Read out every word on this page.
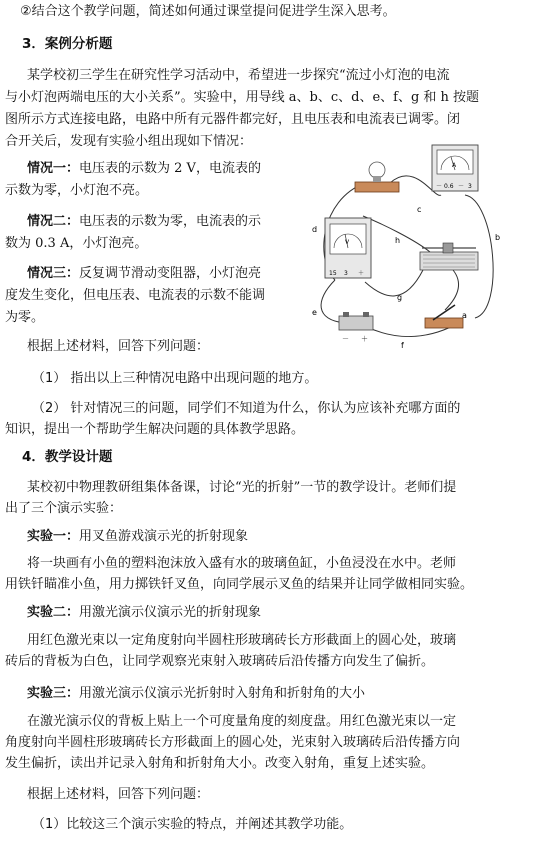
②结合这个教学问题，简述如何通过课堂提问促进学生深入思考。
3．案例分析题
某学校初三学生在研究性学习活动中，希望进一步探究“流过小灯泡的电流
与小灯泡两端电压的大小关系”。实验中，用导线 a、b、c、d、e、f、g 和 h 按题
图所示方式连接电路，电路中所有元器件都完好，且电压表和电流表已调零。闭
合开关后，发现有实验小组出现如下情况：
情况一：电压表的示数为 2 V，电流表的
示数为零，小灯泡不亮。
情况二：电压表的示数为零，电流表的示
数为 0.3 A，小灯泡亮。
情况三：反复调节滑动变阻器，小灯泡亮
度发生变化，但电压表、电流表的示数不能调
为零。
A
－ 0.6 － 3
V
15 3 ＋
－ ＋
a
b
c
d
e
f
g
h
根据上述材料，回答下列问题：
（1） 指出以上三种情况电路中出现问题的地方。
（2） 针对情况三的问题，同学们不知道为什么，你认为应该补充哪方面的
知识，提出一个帮助学生解决问题的具体教学思路。
4．教学设计题
某校初中物理教研组集体备课，讨论“光的折射”一节的教学设计。老师们提
出了三个演示实验：
实验一：用叉鱼游戏演示光的折射现象
将一块画有小鱼的塑料泡沫放入盛有水的玻璃鱼缸，小鱼浸没在水中。老师
用铁钎瞄准小鱼，用力掷铁钎叉鱼，向同学展示叉鱼的结果并让同学做相同实验。
实验二：用激光演示仪演示光的折射现象
用红色激光束以一定角度射向半圆柱形玻璃砖长方形截面上的圆心处，玻璃
砖后的背板为白色，让同学观察光束射入玻璃砖后沿传播方向发生了偏折。
实验三：用激光演示仪演示光折射时入射角和折射角的大小
在激光演示仪的背板上贴上一个可度量角度的刻度盘。用红色激光束以一定
角度射向半圆柱形玻璃砖长方形截面上的圆心处，光束射入玻璃砖后沿传播方向
发生偏折，读出并记录入射角和折射角大小。改变入射角，重复上述实验。
根据上述材料，回答下列问题：
（1）比较这三个演示实验的特点，并阐述其教学功能。
